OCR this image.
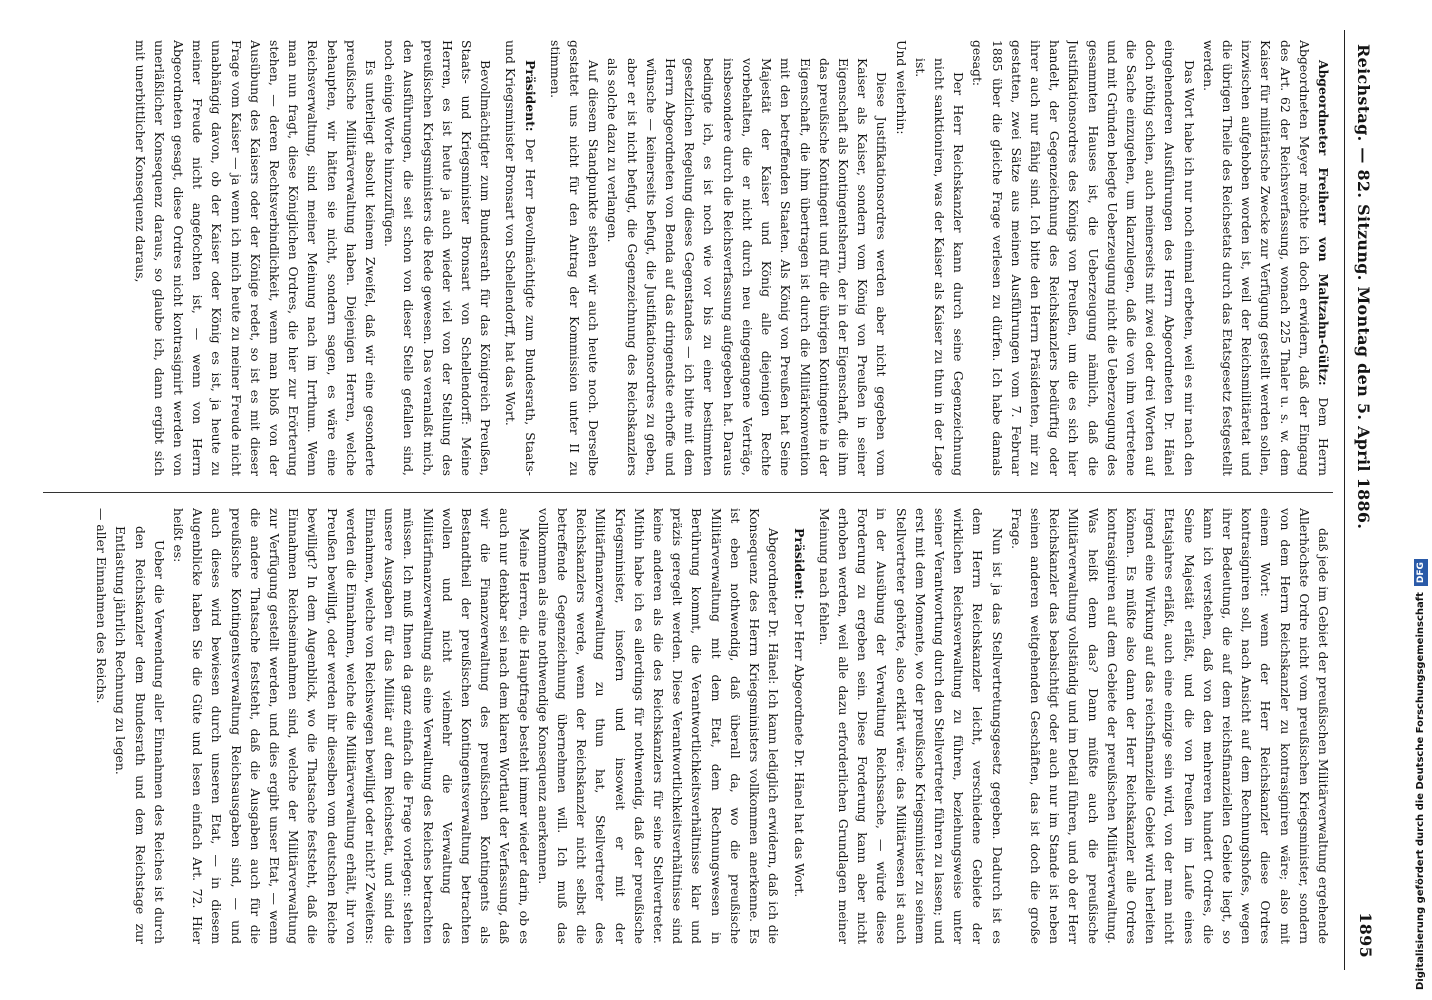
Reichstag. — 82. Sitzung. Montag den 5. April 1886.
1895

Abgeordneter Freiherr von Maltzahn-Gültz: Dem Herrn Abgeordneten Meyer möchte ich doch erwidern, daß der Eingang des Art. 62 der Reichsverfassung, wonach 225 Thaler u. s. w. dem Kaiser für militärische Zwecke zur Verfügung gestellt werden sollen, inzwischen aufgehoben worden ist, weil der Reichsmilitäretat und die übrigen Theile des Reichsetats durch das Etatsgesetz festgestellt werden.

Das Wort habe ich nur noch einmal erbeten, weil es mir nach den eingehenderen Ausführungen des Herrn Abgeordneten Dr. Hänel doch nöthig schien, auch meinerseits mit zwei oder drei Worten auf die Sache einzugehen, um klarzulegen, daß die von ihm vertretene und mit Gründen belegte Ueberzeugung nicht die Ueberzeugung des gesammten Hauses ist, die Ueberzeugung nämlich, daß die Justifikationsordres des Königs von Preußen, um die es sich hier handelt, der Gegenzeichnung des Reichskanzlers bedürftig oder ihrer auch nur fähig sind. Ich bitte den Herrn Präsidenten, mir zu gestatten, zwei Sätze aus meinen Ausführungen vom 7. Februar 1885 über die gleiche Frage verlesen zu dürfen. Ich habe damals gesagt:

Der Herr Reichskanzler kann durch seine Gegenzeichnung nicht sanktioniren, was der Kaiser als Kaiser zu thun in der Lage ist.

Und weiterhin:

Diese Justifikationsordres werden aber nicht gegeben vom Kaiser als Kaiser, sondern vom König von Preußen in seiner Eigenschaft als Kontingentsherrn, der in der Eigenschaft, die ihm das preußische Kontingent und für die übrigen Kontingente in der Eigenschaft, die ihm übertragen ist durch die Militärkonvention mit den betreffenden Staaten. Als König von Preußen hat Seine Majestät der Kaiser und König alle diejenigen Rechte vorbehalten, die er nicht durch neu eingegangene Verträge, insbesondere durch die Reichsverfassung aufgegeben hat. Daraus bedingte ich, es ist noch wie vor bis zu einer bestimmten gesetzlichen Regelung dieses Gegenstandes — ich bitte mit dem Herrn Abgeordneten von Benda auf das dringendste erhoffe und wünsche — keinerseits befugt, die Justifikationsordres zu geben, aber er ist nicht befugt, die Gegenzeichnung des Reichskanzlers als solche dazu zu verlangen.

Auf diesem Standpunkte stehen wir auch heute noch. Derselbe gestattet uns nicht für den Antrag der Kommission unter II zu stimmen.

Präsident: Der Herr Bevollmächtigte zum Bundesrath, Staats- und Kriegsminister Bronsart von Schellendorff, hat das Wort.

Bevollmächtigter zum Bundesrath für das Königreich Preußen, Staats- und Kriegsminister Bronsart von Schellendorff: Meine Herren, es ist heute ja auch wieder viel von der Stellung des preußischen Kriegsministers die Rede gewesen. Das veranlaßt mich, den Ausführungen, die seit schon von dieser Stelle gefallen sind, noch einige Worte hinzuzufügen.

Es unterliegt absolut keinem Zweifel, daß wir eine gesonderte preußische Militärverwaltung haben. Diejenigen Herren, welche behaupten, wir hätten sie nicht, sondern sagen, es wäre eine Reichsverwaltung, sind meiner Meinung nach im Irrthum. Wenn man nun fragt, diese Königlichen Ordres, die hier zur Erörterung stehen, — deren Rechtsverbindlichkeit, wenn man bloß von der Ausübung des Kaisers oder der Könige redet, so ist es mit dieser Frage vom Kaiser — ja wenn ich mich heute zu meiner Freude nicht unabhängig davon, ob der Kaiser oder König es ist, ja heute zu meiner Freude nicht angefochten ist, — wenn von Herrn Abgeordneten gesagt, diese Ordres nicht kontrasignirt werden von unerläßlicher Konsequenz daraus, so glaube ich, dann ergibt sich mit unerbittlicher Konsequenz daraus,

daß jede im Gebiet der preußischen Militärverwaltung ergehende Allerhöchste Ordre nicht vom preußischen Kriegsminister, sondern von dem Herrn Reichskanzler zu kontrasigniren wäre; also mit einem Wort: wenn der Herr Reichskanzler diese Ordres kontrasigniren soll, nach Ansicht auf dem Rechnungshofes, wegen ihrer Bedeutung, die auf dem reichsfinanziellen Gebiete liegt, so kann ich verstehen, daß von den mehreren hundert Ordres, die Seine Majestät erläßt, und die von Preußen im Laufe eines Etatsjahres erläßt, auch eine einzige sein wird, von der man nicht irgend eine Wirkung auf das reichsfinanzielle Gebiet wird herleiten können. Es müßte also dann der Herr Reichskanzler alle Ordres kontrasigniren auf dem Gebiete der preußischen Militärverwaltung. Was heißt denn das? Dann müßte auch die preußische Militärverwaltung vollständig und im Detail führen, und ob der Herr Reichskanzler das beabsichtigt oder auch nur im Stande ist neben seinen anderen weitgehenden Geschäften, das ist doch die große Frage.

Nun ist ja das Stellvertretungsgesetz gegeben. Dadurch ist es dem Herrn Reichskanzler leicht, verschiedene Gebiete der wirklichen Reichsverwaltung zu führen, beziehungsweise unter seiner Verantwortung durch den Stellvertreter führen zu lassen; und erst mit dem Momente, wo der preußische Kriegsminister zu seinem Stellvertreter gehörte, also erklärt wäre: das Militärwesen ist auch in der Ausübung der Verwaltung Reichssache, — würde diese Forderung zu ergeben sein. Diese Forderung kann aber nicht erhoben werden, weil alle dazu erforderlichen Grundlagen meiner Meinung nach fehlen.

Präsident: Der Herr Abgeordnete Dr. Hänel hat das Wort.

Abgeordneter Dr. Hänel: Ich kann lediglich erwidern, daß ich die Konsequenz des Herrn Kriegsministers vollkommen anerkenne. Es ist eben nothwendig, daß überall da, wo die preußische Militärverwaltung mit dem Etat, dem Rechnungswesen in Berührung kommt, die Verantwortlichkeitsverhältnisse klar und präzis geregelt werden. Diese Verantwortlichkeitsverhältnisse sind keine anderen als die des Reichskanzlers für seine Stellvertreter. Mithin habe ich es allerdings für nothwendig, daß der preußische Kriegsminister, insofern und insoweit er mit der Militärfinanzverwaltung zu thun hat, Stellvertreter des Reichskanzlers werde, wenn der Reichskanzler nicht selbst die betreffende Gegenzeichnung übernehmen will. Ich muß das vollkommen als eine nothwendige Konsequenz anerkennen.

Meine Herren, die Hauptfrage besteht immer wieder darin, ob es auch nur denkbar sei nach dem klaren Wortlaut der Verfassung, daß wir die Finanzverwaltung des preußischen Kontingents als Bestandtheil der preußischen Kontingentsverwaltung betrachten wollen und nicht vielmehr die Verwaltung des Militärfinanzverwaltung als eine Verwaltung des Reiches betrachten müssen. Ich muß Ihnen da ganz einfach die Frage vorlegen: stehen unsere Ausgaben für das Militär auf dem Reichsetat, und sind die Einnahmen, welche von Reichswegen bewilligt oder nicht? Zweitens: werden die Einnahmen, welche die Militärverwaltung erhält, ihr von Preußen bewilligt, oder werden ihr dieselben vom deutschen Reiche bewilligt? In dem Augenblick, wo die Thatsache feststeht, daß die Einnahmen Reichseinnahmen sind, welche der Militärverwaltung zur Verfügung gestellt werden, und dies ergibt unser Etat, — wenn die andere Thatsache feststeht, daß die Ausgaben auch für die preußische Kontingentsverwaltung Reichsausgaben sind, — und auch dieses wird bewiesen durch unseren Etat, — in diesem Augenblicke haben Sie die Güte und lesen einfach Art. 72. Hier heißt es:

Ueber die Verwendung aller Einnahmen des Reiches ist durch den Reichskanzler dem Bundesrath und dem Reichstage zur Entlastung jährlich Rechnung zu legen.

— aller Einnahmen des Reichs.	Digitalisierung gefördert durch die Deutsche ForschungsgemeinschaftDFG
